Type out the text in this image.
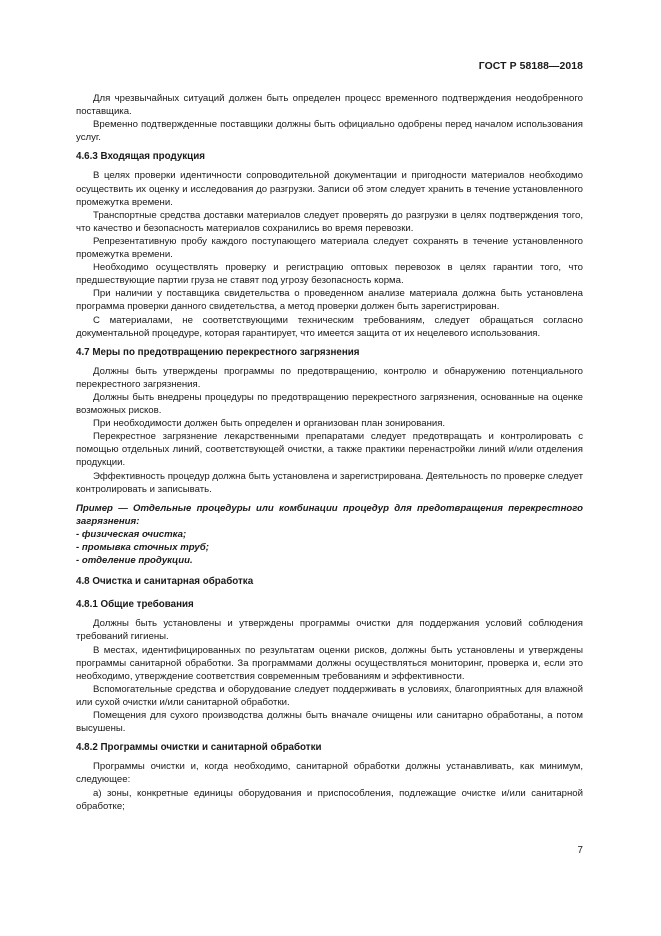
ГОСТ Р 58188—2018

Для чрезвычайных ситуаций должен быть определен процесс временного подтверждения неодобренного поставщика.

Временно подтвержденные поставщики должны быть официально одобрены перед началом использования услуг.

4.6.3 Входящая продукция

В целях проверки идентичности сопроводительной документации и пригодности материалов необходимо осуществить их оценку и исследования до разгрузки. Записи об этом следует хранить в течение установленного промежутка времени.

Транспортные средства доставки материалов следует проверять до разгрузки в целях подтверждения того, что качество и безопасность материалов сохранились во время перевозки.

Репрезентативную пробу каждого поступающего материала следует сохранять в течение установленного промежутка времени.

Необходимо осуществлять проверку и регистрацию оптовых перевозок в целях гарантии того, что предшествующие партии груза не ставят под угрозу безопасность корма.

При наличии у поставщика свидетельства о проведенном анализе материала должна быть установлена программа проверки данного свидетельства, а метод проверки должен быть зарегистрирован.

С материалами, не соответствующими техническим требованиям, следует обращаться согласно документальной процедуре, которая гарантирует, что имеется защита от их нецелевого использования.

4.7 Меры по предотвращению перекрестного загрязнения

Должны быть утверждены программы по предотвращению, контролю и обнаружению потенциального перекрестного загрязнения.

Должны быть внедрены процедуры по предотвращению перекрестного загрязнения, основанные на оценке возможных рисков.

При необходимости должен быть определен и организован план зонирования.

Перекрестное загрязнение лекарственными препаратами следует предотвращать и контролировать с помощью отдельных линий, соответствующей очистки, а также практики перенастройки линий и/или отделения продукции.

Эффективность процедур должна быть установлена и зарегистрирована. Деятельность по проверке следует контролировать и записывать.

Пример — Отдельные процедуры или комбинации процедур для предотвращения перекрестного загрязнения:

- физическая очистка;
- промывка сточных труб;
- отделение продукции.
4.8 Очистка и санитарная обработка
4.8.1 Общие требования

Должны быть установлены и утверждены программы очистки для поддержания условий соблюдения требований гигиены.

В местах, идентифицированных по результатам оценки рисков, должны быть установлены и утверждены программы санитарной обработки. За программами должны осуществляться мониторинг, проверка и, если это необходимо, утверждение соответствия современным требованиям и эффективности.

Вспомогательные средства и оборудование следует поддерживать в условиях, благоприятных для влажной или сухой очистки и/или санитарной обработки.

Помещения для сухого производства должны быть вначале очищены или санитарно обработаны, а потом высушены.

4.8.2 Программы очистки и санитарной обработки

Программы очистки и, когда необходимо, санитарной обработки должны устанавливать, как минимум, следующее:

а) зоны, конкретные единицы оборудования и приспособления, подлежащие очистке и/или санитарной обработке;

7
